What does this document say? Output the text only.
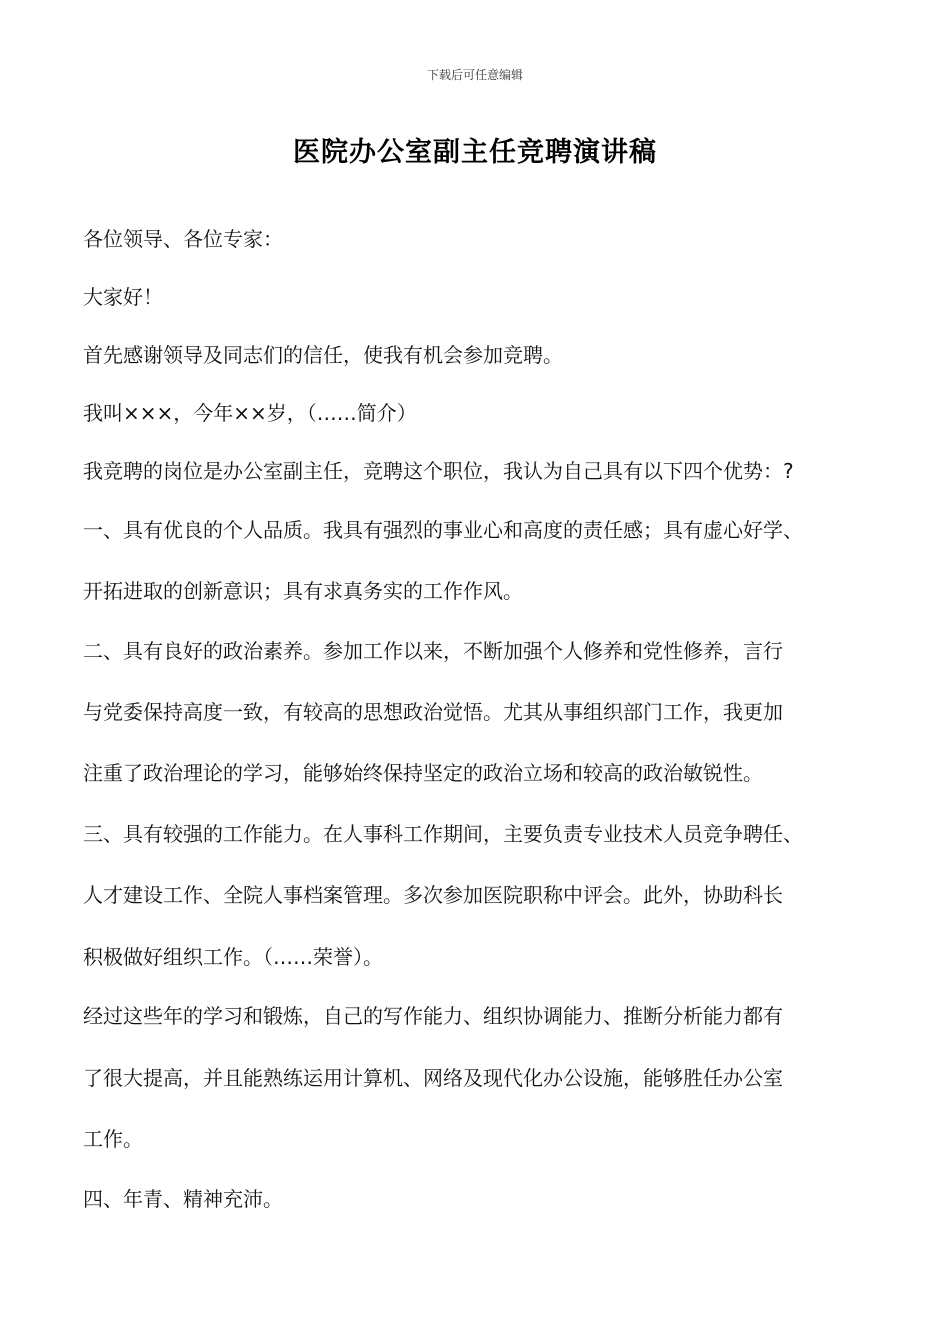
下载后可任意编辑
医院办公室副主任竞聘演讲稿
各位领导、各位专家：
大家好！
首先感谢领导及同志们的信任，使我有机会参加竞聘。
我叫×××，今年××岁，（……简介）
我竞聘的岗位是办公室副主任，竞聘这个职位，我认为自己具有以下四个优势：?
一、具有优良的个人品质。我具有强烈的事业心和高度的责任感；具有虚心好学、
开拓进取的创新意识；具有求真务实的工作作风。
二、具有良好的政治素养。参加工作以来，不断加强个人修养和党性修养，言行
与党委保持高度一致，有较高的思想政治觉悟。尤其从事组织部门工作，我更加
注重了政治理论的学习，能够始终保持坚定的政治立场和较高的政治敏锐性。
三、具有较强的工作能力。在人事科工作期间，主要负责专业技术人员竞争聘任、
人才建设工作、全院人事档案管理。多次参加医院职称中评会。此外，协助科长
积极做好组织工作。（……荣誉）。
经过这些年的学习和锻炼，自己的写作能力、组织协调能力、推断分析能力都有
了很大提高，并且能熟练运用计算机、网络及现代化办公设施，能够胜任办公室
工作。
四、年青、精神充沛。
